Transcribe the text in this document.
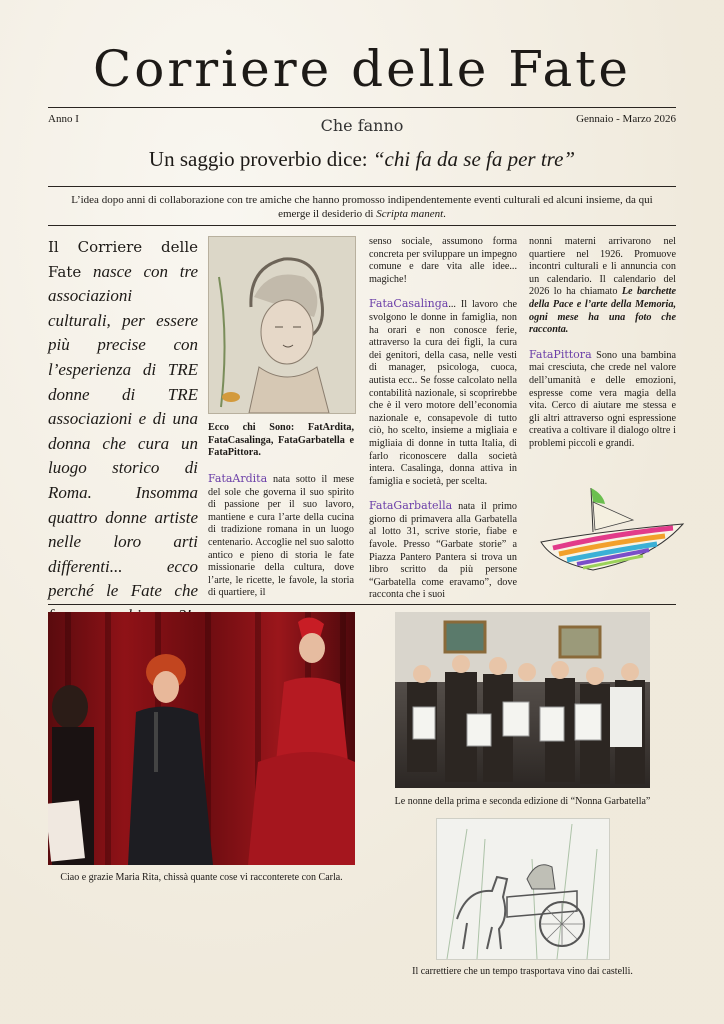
Corriere delle Fate
Anno I	Che fanno	Gennaio - Marzo 2026
Un saggio proverbio dice: “chi fa da se fa per tre”
L’idea dopo anni di collaborazione con tre amiche che hanno promosso indipendentemente eventi culturali ed alcuni insieme, da qui emerge il desiderio di Scripta manent.
Il Corriere delle Fate nasce con tre associazioni culturali, per essere più precise con l’esperienza di TRE donne di TRE associazioni e di una donna che cura un luogo storico di Roma. Insomma quattro donne artiste nelle loro arti differenti... ecco perché le Fate che
Ecco chi Sono: FatArdita, FataCasalinga, FataGarbatella e FataPittora.
FataArdita nata sotto il mese del sole che governa il suo spirito di passione per il suo lavoro, mantiene e cura l’arte della cucina di tradizione romana in un luogo centenario. Accoglie nel suo salotto antico e pieno di storia le fate missionarie della cultura, dove l’arte, le ricette, le favole, la storia di quartiere, il
senso sociale, assumono forma concreta per sviluppare un impegno comune e dare vita alle idee... magiche!
FataCasalinga... Il lavoro che svolgono le donne in famiglia, non ha orari e non conosce ferie, attraverso la cura dei figli, la cura dei genitori, della casa, nelle vesti di manager, psicologa, cuoca, autista ecc.. Se fosse calcolato nella contabilità nazionale, si scoprirebbe che è il vero motore dell’economia nazionale e, consapevole di tutto ciò, ho scelto, insieme a migliaia e migliaia di donne in tutta Italia, di farlo riconoscere dalla società intera. Casalinga, donna attiva in famiglia e società, per scelta.
FataGarbatella nata il primo giorno di primavera alla Garbatella al lotto 31, scrive storie, fiabe e favole. Presso “Garbate storie” a Piazza Pantero Pantera si trova un libro scritto da più persone “Garbatella come eravamo”, dove racconta che i suoi
nonni materni arrivarono nel quartiere nel 1926. Promuove incontri culturali e li annuncia con un calendario. Il calendario del 2026 lo ha chiamato Le barchette della Pace e l’arte della Memoria, ogni mese ha una foto che racconta.
FataPittora Sono una bambina mai cresciuta, che crede nel valore dell’umanità e delle emozioni, espresse come vera magia della vita. Cerco di aiutare me stessa e gli altri attraverso ogni espressione creativa a coltivare il dialogo oltre i problemi piccoli e grandi.
Ciao e grazie Maria Rita, chissà quante cose vi racconterete con Carla.
Le nonne della prima e seconda edizione di “Nonna Garbatella”
Il carrettiere che un tempo trasportava vino dai castelli.
